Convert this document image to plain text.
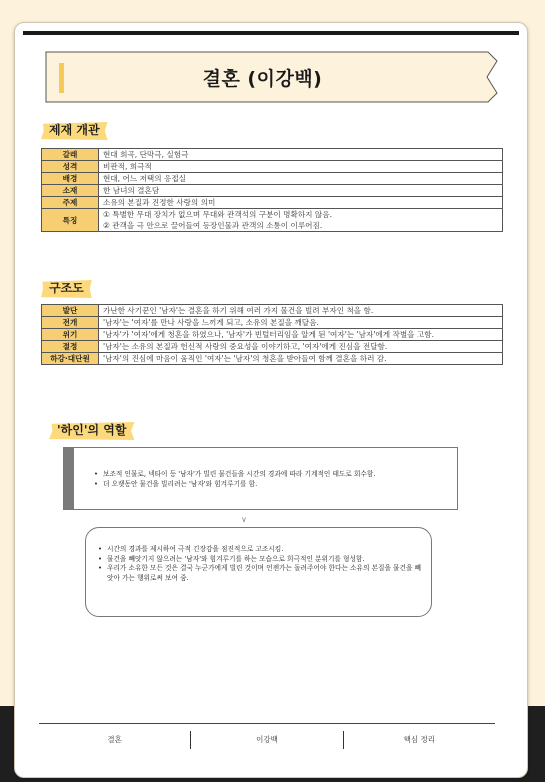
결혼 (이강백)
제재 개관
갈래	현대 희곡, 단막극, 실험극
성격	비판적, 희극적
배경	현대, 어느 저택의 응접실
소재	한 남녀의 결혼담
주제	소유의 본질과 진정한 사랑의 의미
특징	① 특별한 무대 장치가 없으며 무대와 관객석의 구분이 명확하지 않음.
② 관객을 극 안으로 끌어들여 등장인물과 관객의 소통이 이루어짐.
구조도
발단	가난한 사기꾼인 '남자'는 결혼을 하기 위해 여러 가지 물건을 빌려 부자인 척을 함.
전개	'남자'는 '여자'를 만나 사랑을 느끼게 되고, 소유의 본질을 깨달음.
위기	'남자'가 '여자'에게 청혼을 하였으나, '남자'가 빈털터리임을 알게 된 '여자'는 '남자'에게 작별을 고함.
절정	'남자'는 소유의 본질과 헌신적 사랑의 중요성을 이야기하고, '여자'에게 진심을 전달함.
하강·대단원	'남자'의 진심에 마음이 움직인 '여자'는 '남자'의 청혼을 받아들여 함께 결혼을 하러 감.
'하인'의 역할
• 보조적 인물로, 넥타이 등 '남자'가 빌린 물건들을 시간의 경과에 따라 기계적인 태도로 회수함.
• 더 오랫동안 물건을 빌리려는 '남자'와 힘겨루기를 함.
∨
• 시간의 경과를 제시하여 극적 긴장감을 점진적으로 고조시킴.
• 물건을 빼앗기지 않으려는 '남자'와 힘겨루기를 하는 모습으로 희극적인 분위기를 형성함.
• 우리가 소유한 모든 것은 결국 누군가에게 빌린 것이며 언젠가는 돌려주어야 한다는 소유의 본질을 물건을 빼앗아 가는 행위로써 보여 줌.
결혼	이강백	핵심 정리
